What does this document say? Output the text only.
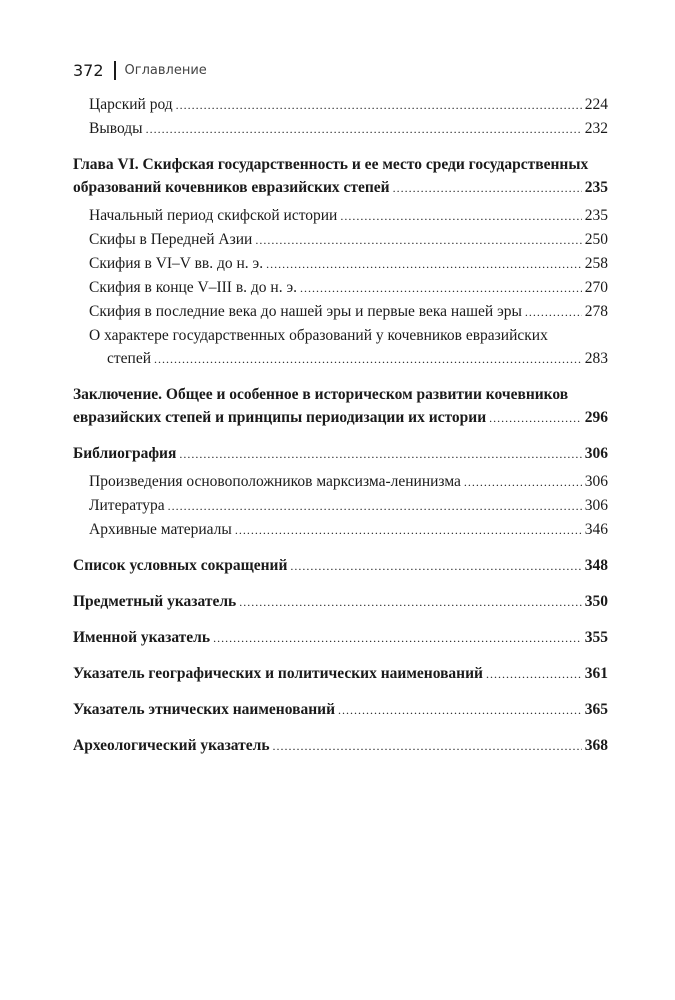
372 Оглавление
Царский род .....	224
Выводы .....	232
Глава VI. Скифская государственность и ее место среди государственных
образований кочевников евразийских степей .....	235
Начальный период скифской истории .....	235
Скифы в Передней Азии .....	250
Скифия в VI–V вв. до н. э. .....	258
Скифия в конце V–III в. до н. э. .....	270
Скифия в последние века до нашей эры и первые века нашей эры .....	278
О характере государственных образований у кочевников евразийских
степей .....	283
Заключение. Общее и особенное в историческом развитии кочевников
евразийских степей и принципы периодизации их истории .....	296
Библиография .....	306
Произведения основоположников марксизма-ленинизма .....	306
Литература .....	306
Архивные материалы .....	346
Список условных сокращений .....	348
Предметный указатель .....	350
Именной указатель .....	355
Указатель географических и политических наименований .....	361
Указатель этнических наименований .....	365
Археологический указатель .....	368
